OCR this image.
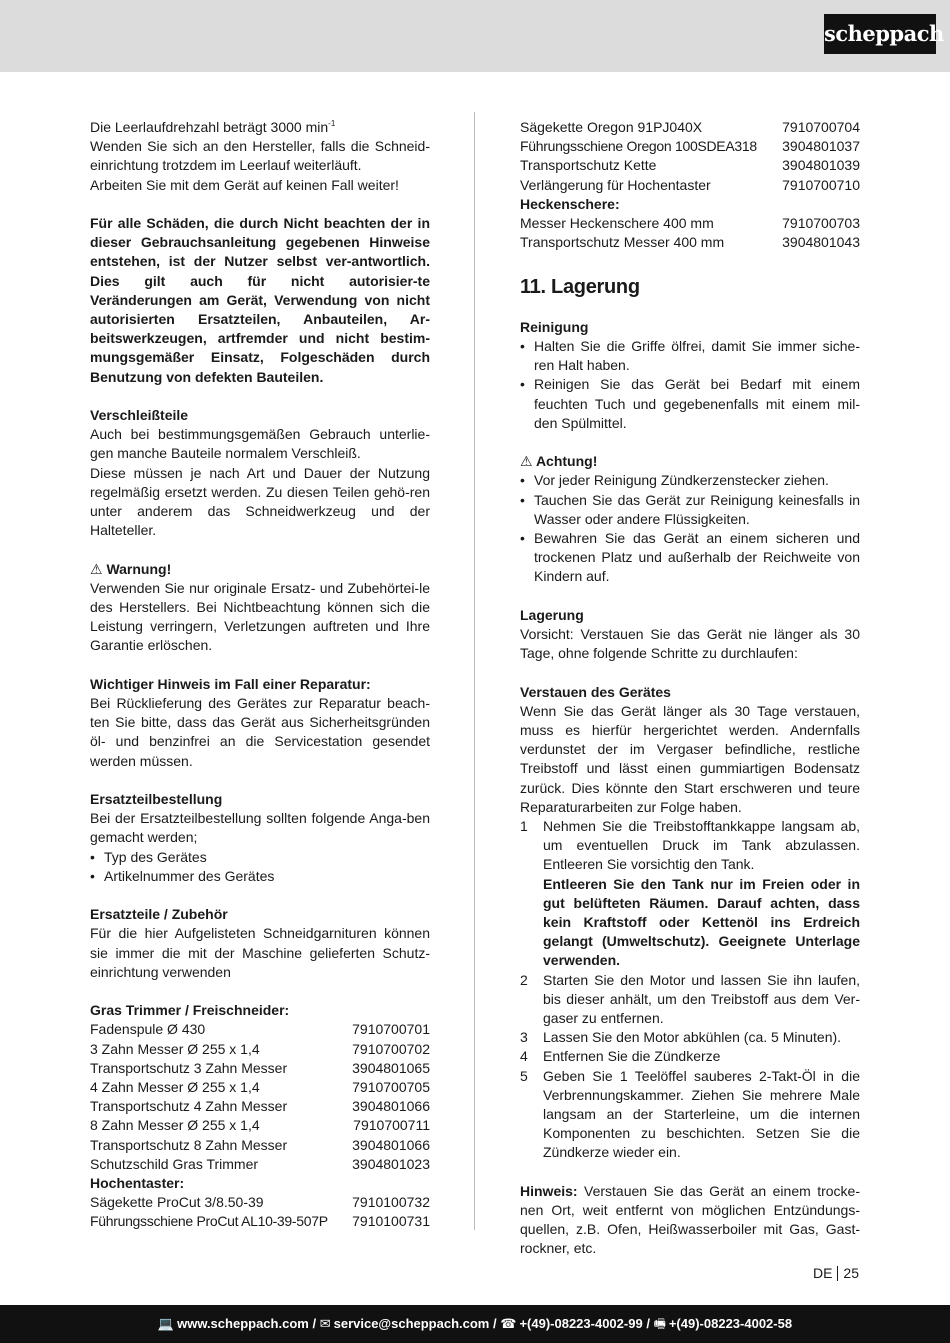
scheppach

Die Leerlaufdrehzahl beträgt 3000 $\min^{-1}$

Wenden Sie sich an den Hersteller, falls die Schneid-einrichtung trotzdem im Leerlauf weiterläuft.

Arbeiten Sie mit dem Gerät auf keinen Fall weiter!

Für alle Schäden, die durch Nicht beachten der in dieser Gebrauchsanleitung gegebenen Hinweise entstehen, ist der Nutzer selbst ver-antwortlich. Dies gilt auch für nicht autorisier-te Veränderungen am Gerät, Verwendung von nicht autorisierten Ersatzteilen, Anbauteilen, Ar-beitswerkzeugen, artfremder und nicht bestim-mungsgemäßer Einsatz, Folgeschäden durch Benutzung von defekten Bauteilen.

Verschleißteile

Auch bei bestimmungsgemäßen Gebrauch unterlie-gen manche Bauteile normalem Verschleiß.

Diese müssen je nach Art und Dauer der Nutzung regelmäßig ersetzt werden. Zu diesen Teilen gehö-ren unter anderem das Schneidwerkzeug und der Halteteller.

⚠ Warnung!

Verwenden Sie nur originale Ersatz- und Zubehörtei-le des Herstellers. Bei Nichtbeachtung können sich die Leistung verringern, Verletzungen auftreten und Ihre Garantie erlöschen.

Wichtiger Hinweis im Fall einer Reparatur:

Bei Rücklieferung des Gerätes zur Reparatur beach-ten Sie bitte, dass das Gerät aus Sicherheitsgründen öl- und benzinfrei an die Servicestation gesendet werden müssen.

Ersatzteilbestellung

Bei der Ersatzteilbestellung sollten folgende Anga-ben gemacht werden;

• Typ des Gerätes
• Artikelnummer des Gerätes

Ersatzteile / Zubehör

Für die hier Aufgelisteten Schneidgarnituren können sie immer die mit der Maschine gelieferten Schutz-einrichtung verwenden

Gras Trimmer / Freischneider:

Fadenspule Ø 430	7910700701
3 Zahn Messer Ø 255 x 1,4	7910700702
Transportschutz 3 Zahn Messer	3904801065
4 Zahn Messer Ø 255 x 1,4	7910700705
Transportschutz 4 Zahn Messer	3904801066
8 Zahn Messer Ø 255 x 1,4	7910700711
Transportschutz 8 Zahn Messer	3904801066
Schutzschild Gras Trimmer	3904801023

Hochentaster:

Sägekette ProCut 3/8.50-39	7910100732
Führungsschiene ProCut AL10-39-507P 7910100731
Sägekette Oregon 91PJ040X	7910700704
Führungsschiene Oregon 100SDEA318 3904801037
Transportschutz Kette	3904801039
Verlängerung für Hochentaster	7910700710

Heckenschere:

Messer Heckenschere 400 mm	7910700703
Transportschutz Messer 400 mm	3904801043

11. Lagerung

Reinigung

• Halten Sie die Griffe ölfrei, damit Sie immer siche-ren Halt haben.
• Reinigen Sie das Gerät bei Bedarf mit einem feuchten Tuch und gegebenenfalls mit einem mil-den Spülmittel.

⚠ Achtung!

• Vor jeder Reinigung Zündkerzenstecker ziehen.
• Tauchen Sie das Gerät zur Reinigung keinesfalls in Wasser oder andere Flüssigkeiten.
• Bewahren Sie das Gerät an einem sicheren und trockenen Platz und außerhalb der Reichweite von Kindern auf.

Lagerung

Vorsicht: Verstauen Sie das Gerät nie länger als 30 Tage, ohne folgende Schritte zu durchlaufen:

Verstauen des Gerätes

Wenn Sie das Gerät länger als 30 Tage verstauen, muss es hierfür hergerichtet werden. Andernfalls verdunstet der im Vergaser befindliche, restliche Treibstoff und lässt einen gummiartigen Bodensatz zurück. Dies könnte den Start erschweren und teure Reparaturarbeiten zur Folge haben.

1 Nehmen Sie die Treibstofftankkappe langsam ab, um eventuellen Druck im Tank abzulassen. Entleeren Sie vorsichtig den Tank.
Entleeren Sie den Tank nur im Freien oder in gut belüfteten Räumen. Darauf achten, dass kein Kraftstoff oder Kettenöl ins Erdreich gelangt (Umweltschutz). Geeignete Unterlage verwenden.
2 Starten Sie den Motor und lassen Sie ihn laufen, bis dieser anhält, um den Treibstoff aus dem Ver-gaser zu entfernen.
3 Lassen Sie den Motor abkühlen (ca. 5 Minuten).
4 Entfernen Sie die Zündkerze
5 Geben Sie 1 Teelöffel sauberes 2-Takt-Öl in die Verbrennungskammer. Ziehen Sie mehrere Male langsam an der Starterleine, um die internen Komponenten zu beschichten. Setzen Sie die Zündkerze wieder ein.

Hinweis: Verstauen Sie das Gerät an einem trocke-nen Ort, weit entfernt von möglichen Entzündungs-quellen, z.B. Ofen, Heißwasserboiler mit Gas, Gast-rockner, etc.

DE 25
💻 www.scheppach.com / ✉ service@scheppach.com / ☎ +(49)-08223-4002-99 / 🖷 +(49)-08223-4002-58
